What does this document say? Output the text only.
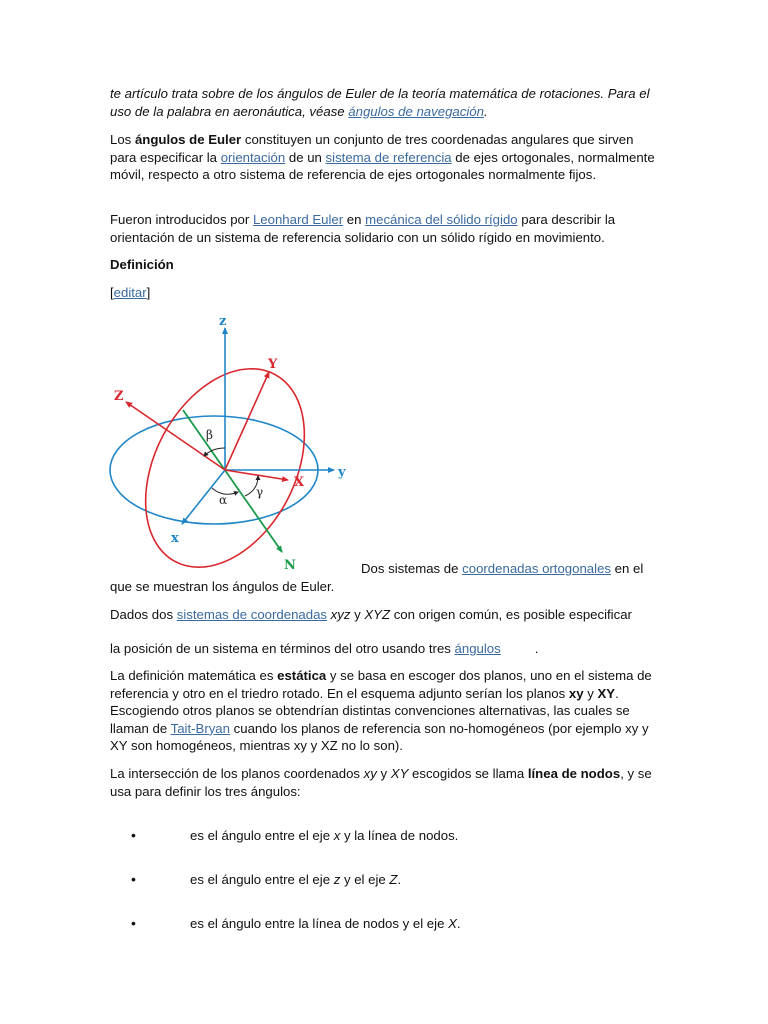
te artículo trata sobre de los ángulos de Euler de la teoría matemática de rotaciones. Para el uso de la palabra en aeronáutica, véase ángulos de navegación.

Los ángulos de Euler constituyen un conjunto de tres coordenadas angulares que sirven para especificar la orientación de un sistema de referencia de ejes ortogonales, normalmente móvil, respecto a otro sistema de referencia de ejes ortogonales normalmente fijos.

Fueron introducidos por Leonhard Euler en mecánica del sólido rígido para describir la orientación de un sistema de referencia solidario con un sólido rígido en movimiento.

Definición

[editar]

z
Y
Z
y
X
x
N
β
α
γ

Dos sistemas de coordenadas ortogonales en el

que se muestran los ángulos de Euler.

Dados dos sistemas de coordenadas xyz y XYZ con origen común, es posible especificar

la posición de un sistema en términos del otro usando tres ángulos	.

La definición matemática es estática y se basa en escoger dos planos, uno en el sistema de referencia y otro en el triedro rotado. En el esquema adjunto serían los planos xy y XY. Escogiendo otros planos se obtendrían distintas convenciones alternativas, las cuales se llaman de Tait-Bryan cuando los planos de referencia son no-homogéneos (por ejemplo xy y XY son homogéneos, mientras xy y XZ no lo son).

La intersección de los planos coordenados xy y XY escogidos se llama línea de nodos, y se usa para definir los tres ángulos:

•	es el ángulo entre el eje x y la línea de nodos.

•	es el ángulo entre el eje z y el eje Z.

•	es el ángulo entre la línea de nodos y el eje X.
